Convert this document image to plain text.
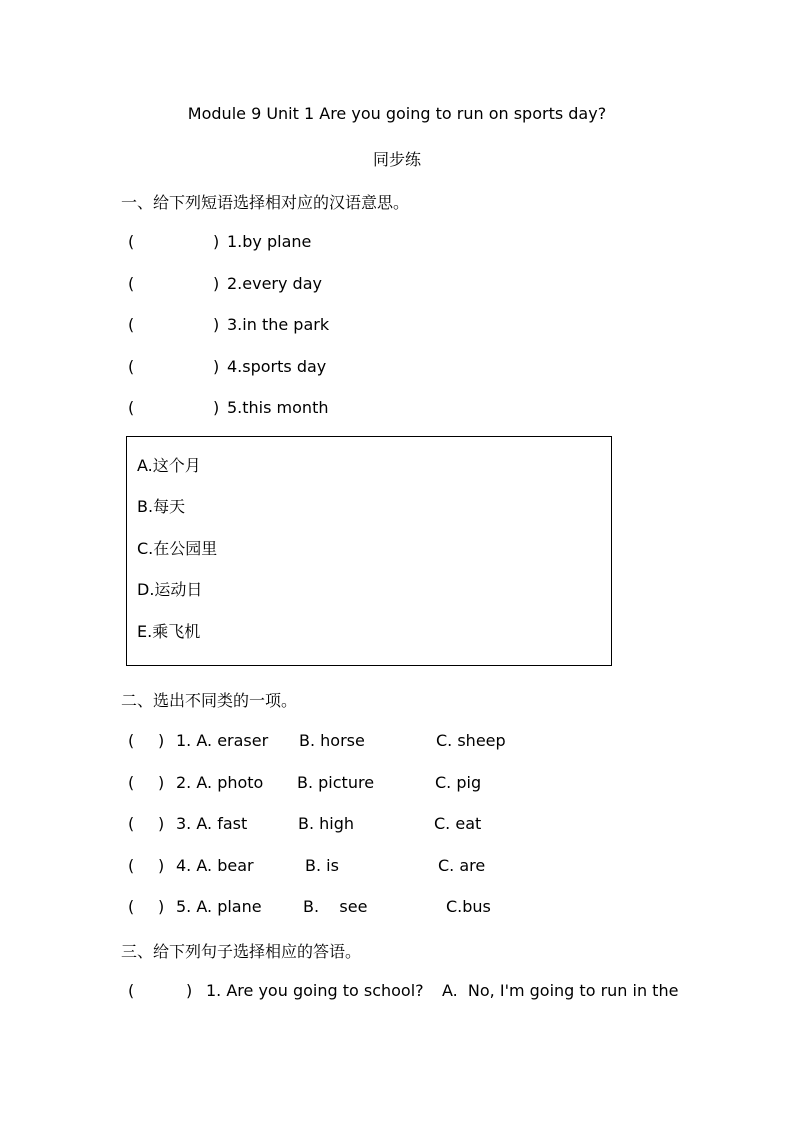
Module 9 Unit 1 Are you going to run on sports day?
同步练
一、给下列短语选择相对应的汉语意思。
(	) 1.by plane
(	) 2.every day
(	) 3.in the park
(	) 4.sports day
(	) 5.this month
A.这个月
B.每天
C.在公园里
D.运动日
E.乘飞机
二、选出不同类的一项。
( ) 1. A. eraser B. horse	C. sheep
( ) 2. A. photo B. picture	C. pig
( ) 3. A. fast	B. high	C. eat
( ) 4. A. bear	B. is	C. are
( ) 5. A. plane	B.    see	C.bus
三、给下列句子选择相应的答语。
(	) 1. Are you going to school? A.  No, I'm going to run in the
